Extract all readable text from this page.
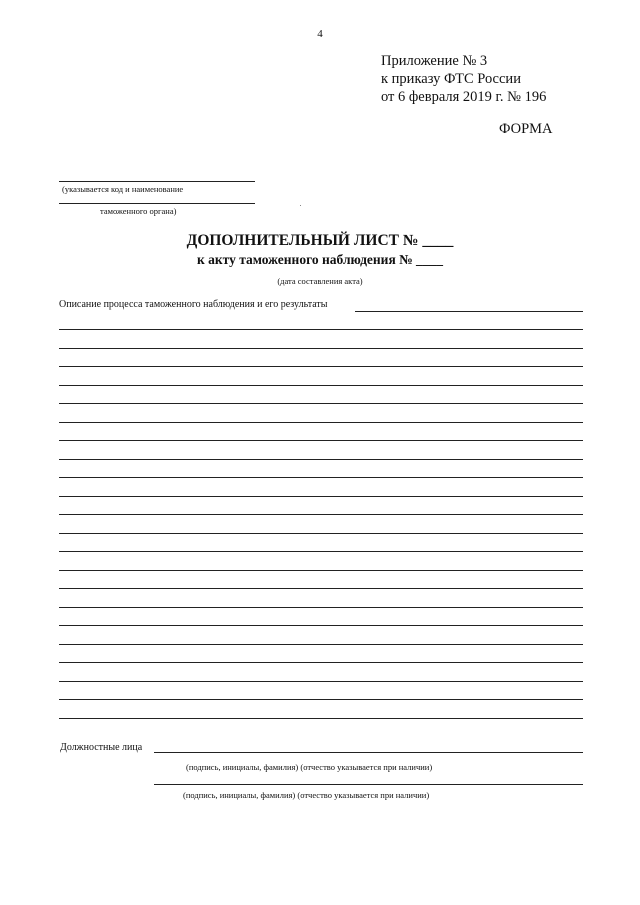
4
Приложение № 3
к приказу ФТС России
от 6 февраля 2019 г. № 196
ФОРМА
(указывается код и наименование
таможенного органа)
ДОПОЛНИТЕЛЬНЫЙ ЛИСТ № ____
к акту таможенного наблюдения № ____
(дата составления акта)
Описание процесса таможенного наблюдения и его результаты
Должностные лица
(подпись, инициалы, фамилия) (отчество указывается при наличии)
(подпись, инициалы, фамилия) (отчество указывается при наличии)
